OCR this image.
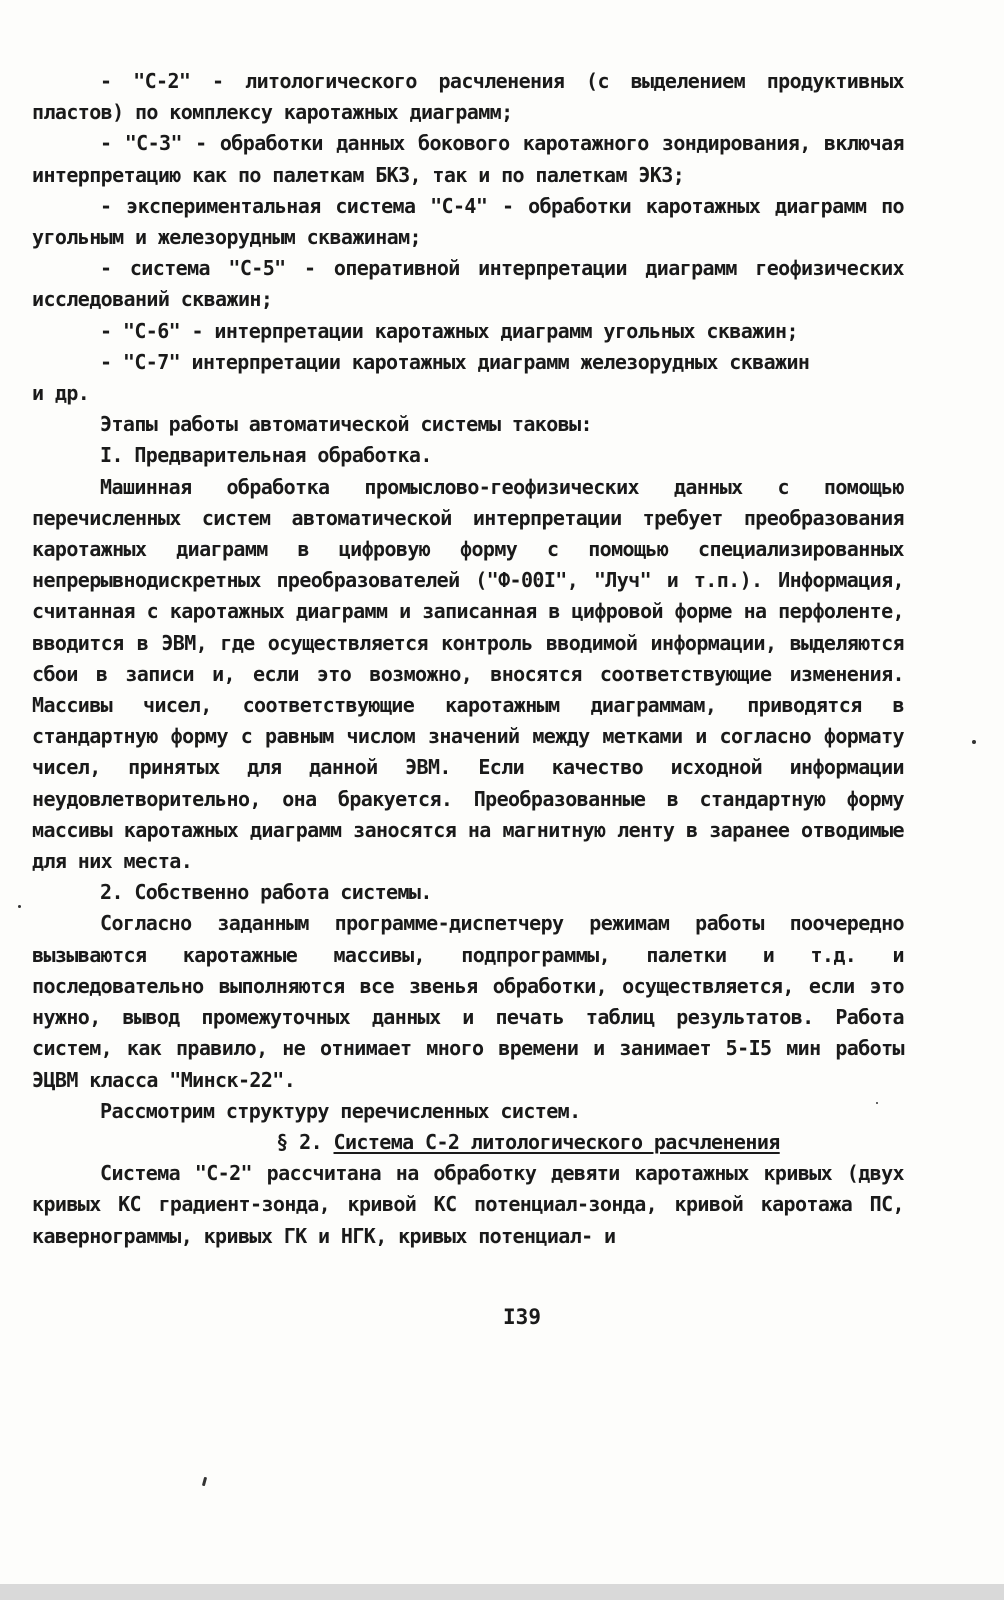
- "С-2" - литологического расчленения (с выделением продуктивных пластов) по комплексу каротажных диаграмм;

- "С-3" - обработки данных бокового каротажного зондирования, включая интерпретацию как по палеткам БКЗ, так и по палеткам ЭКЗ;

- экспериментальная система "С-4" - обработки каротажных диаграмм по угольным и железорудным скважинам;

- система "С-5" - оперативной интерпретации диаграмм геофизических исследований скважин;

- "С-6" - интерпретации каротажных диаграмм угольных скважин;

- "С-7" интерпретации каротажных диаграмм железорудных скважин

и др.

Этапы работы автоматической системы таковы:

I. Предварительная обработка.

Машинная обработка промыслово-геофизических данных с помощью перечисленных систем автоматической интерпретации требует преобразования каротажных диаграмм в цифровую форму с помощью специализированных непрерывнодискретных преобразователей ("Ф-00I", "Луч" и т.п.). Информация, считанная с каротажных диаграмм и записанная в цифровой форме на перфоленте, вводится в ЭВМ, где осуществляется контроль вводимой информации, выделяются сбои в записи и, если это возможно, вносятся соответствующие изменения. Массивы чисел, соответствующие каротажным диаграммам, приводятся в стандартную форму с равным числом значений между метками и согласно формату чисел, принятых для данной ЭВМ. Если качество исходной информации неудовлетворительно, она бракуется. Преобразованные в стандартную форму массивы каротажных диаграмм заносятся на магнитную ленту в заранее отводимые для них места.

2. Собственно работа системы.

Согласно заданным программе-диспетчеру режимам работы поочередно вызываются каротажные массивы, подпрограммы, палетки и т.д. и последовательно выполняются все звенья обработки, осуществляется, если это нужно, вывод промежуточных данных и печать таблиц результатов. Работа систем, как правило, не отнимает много времени и занимает 5-I5 мин работы ЭЦВМ класса "Минск-22".

Рассмотрим структуру перечисленных систем.

§ 2. Система С-2 литологического расчленения

Система "С-2" рассчитана на обработку девяти каротажных кривых (двух кривых КС градиент-зонда, кривой КС потенциал-зонда, кривой каротажа ПС, кавернограммы, кривых ГК и НГК, кривых потенциал- и

I39
